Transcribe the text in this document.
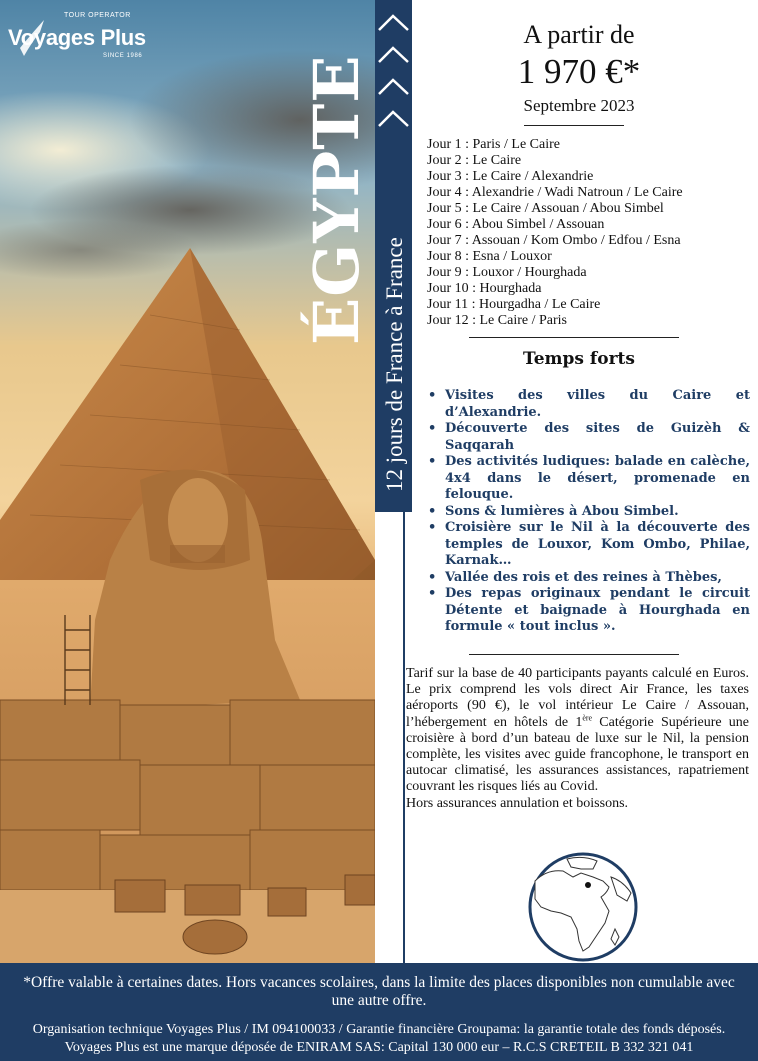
TOUR OPERATOR
Voyages Plus
SINCE 1986	ÉGYPTE
12 jours de France à France
A partir de
1 970 €*
Septembre 2023
Jour 1 : Paris / Le Caire
Jour 2 : Le Caire
Jour 3 : Le Caire / Alexandrie
Jour 4 : Alexandrie / Wadi Natroun / Le Caire
Jour 5 : Le Caire / Assouan / Abou Simbel
Jour 6 : Abou Simbel / Assouan
Jour 7 : Assouan / Kom Ombo / Edfou / Esna
Jour 8 : Esna / Louxor
Jour 9 : Louxor / Hourghada
Jour 10 : Hourghada
Jour 11 : Hourgadha / Le Caire
Jour 12 : Le Caire / Paris
Temps forts
• Visites des villes du Caire et d’Alexandrie.
• Découverte des sites de Guizèh & Saqqarah
• Des activités ludiques: balade en calèche, 4x4 dans le désert, promenade en felouque.
• Sons & lumières à Abou Simbel.
• Croisière sur le Nil à la découverte des temples de Louxor, Kom Ombo, Philae, Karnak…
• Vallée des rois et des reines à Thèbes,
• Des repas originaux pendant le circuit Détente et baignade à Hourghada en formule « tout inclus ».
Tarif sur la base de 40 participants payants calculé en Euros. Le prix comprend les vols direct Air France, les taxes aéroports (90 €), le vol intérieur Le Caire / Assouan, l’hébergement en hôtels de 1ère Catégorie Supérieure une croisière à bord d’un bateau de luxe sur le Nil, la pension complète, les visites avec guide francophone, le transport en autocar climatisé, les assurances assistances, rapatriement couvrant les risques liés au Covid.
Hors assurances annulation et boissons.
*Offre valable à certaines dates. Hors vacances scolaires, dans la limite des places disponibles non cumulable avec une autre offre.
Organisation technique Voyages Plus / IM 094100033 / Garantie financière Groupama: la garantie totale des fonds déposés. Voyages Plus est une marque déposée de ENIRAM SAS: Capital 130 000 eur – R.C.S CRETEIL B 332 321 041
